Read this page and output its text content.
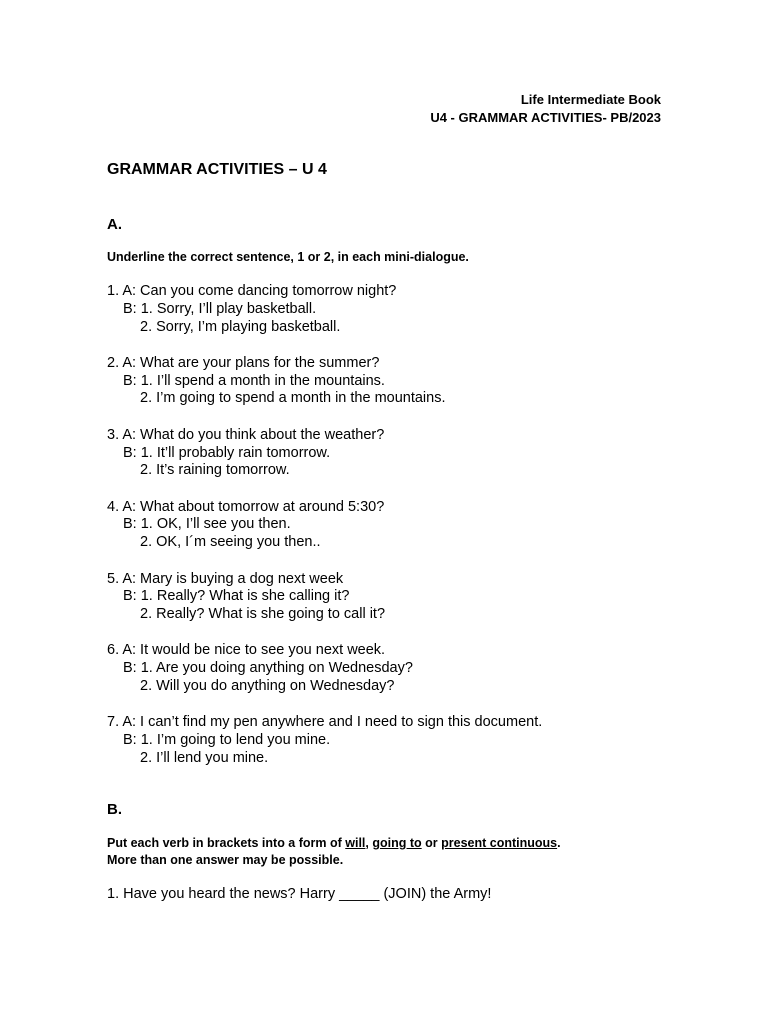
Life Intermediate Book
U4 - GRAMMAR ACTIVITIES- PB/2023
GRAMMAR ACTIVITIES – U 4
A.

Underline the correct sentence, 1 or 2, in each mini-dialogue.

1. A: Can you come dancing tomorrow night?
B: 1. Sorry, I’ll play basketball.
2. Sorry, I’m playing basketball.
2. A: What are your plans for the summer?
B: 1. I’ll spend a month in the mountains.
2. I’m going to spend a month in the mountains.
3. A: What do you think about the weather?
B: 1. It’ll probably rain tomorrow.
2. It’s raining tomorrow.
4. A: What about tomorrow at around 5:30?
B: 1. OK, I’ll see you then.
2. OK, I´m seeing you then..
5. A: Mary is buying a dog next week
B: 1. Really? What is she calling it?
2. Really? What is she going to call it?
6. A: It would be nice to see you next week.
B: 1. Are you doing anything on Wednesday?
2. Will you do anything on Wednesday?
7. A: I can’t find my pen anywhere and I need to sign this document.
B: 1. I’m going to lend you mine.
2. I’ll lend you mine.
B.
Put each verb in brackets into a form of will, going to or present continuous.
More than one answer may be possible.
1. Have you heard the news? Harry _____ (JOIN) the Army!
